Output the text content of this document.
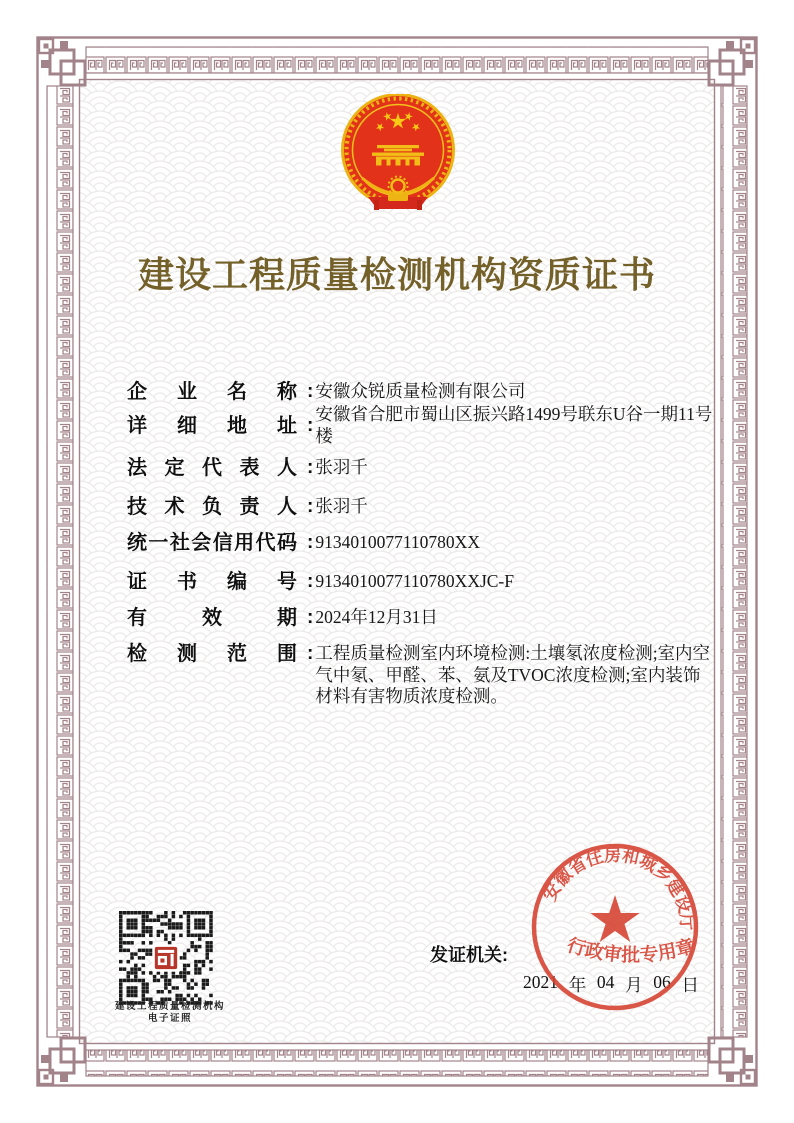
建设工程质量检测机构资质证书
企 业 名 称 : 安徽众锐质量检测有限公司
详 细 地 址 :
安徽省合肥市蜀山区振兴路1499号联东U谷一期11号楼
法 定 代 表 人 : 张羽千
技 术 负 责 人 : 张羽千
统 一 社 会 信 用 代 码 : 9134010077110780XX
证 书 编 号 : 9134010077110780XXJC-F
有	效	期 : 2024年12月31日
检 测 范 围 : 工程质量检测室内环境检测:土壤氡浓度检测;室内空气中氡、甲醛、苯、氨及TVOC浓度检测;室内装饰材料有害物质浓度检测。
建设工程质量检测机构
电子证照
发证机关:
2021 年 04 月 06 日
安徽省住房和城乡建设厅
行政审批专用章
